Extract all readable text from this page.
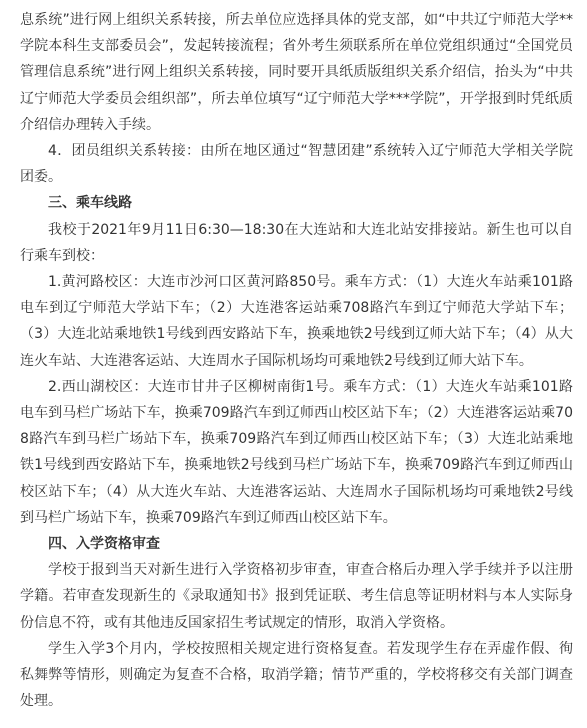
息系统”进行网上组织关系转接，所去单位应选择具体的党支部，如“中共辽宁师范大学**学院本科生支部委员会”，发起转接流程；省外考生须联系所在单位党组织通过“全国党员管理信息系统”进行网上组织关系转接，同时要开具纸质版组织关系介绍信，抬头为“中共辽宁师范大学委员会组织部”，所去单位填写“辽宁师范大学***学院”，开学报到时凭纸质介绍信办理转入手续。

4．团员组织关系转接：由所在地区通过“智慧团建”系统转入辽宁师范大学相关学院团委。

三、乘车线路

我校于2021年9月11日6:30—18:30在大连站和大连北站安排接站。新生也可以自行乘车到校：

1.黄河路校区：大连市沙河口区黄河路850号。乘车方式：（1）大连火车站乘101路电车到辽宁师范大学站下车；（2）大连港客运站乘708路汽车到辽宁师范大学站下车；（3）大连北站乘地铁1号线到西安路站下车，换乘地铁2号线到辽师大站下车；（4）从大连火车站、大连港客运站、大连周水子国际机场均可乘地铁2号线到辽师大站下车。

2.西山湖校区：大连市甘井子区柳树南街1号。乘车方式：（1）大连火车站乘101路电车到马栏广场站下车，换乘709路汽车到辽师西山校区站下车；（2）大连港客运站乘708路汽车到马栏广场站下车，换乘709路汽车到辽师西山校区站下车；（3）大连北站乘地铁1号线到西安路站下车，换乘地铁2号线到马栏广场站下车，换乘709路汽车到辽师西山校区站下车；（4）从大连火车站、大连港客运站、大连周水子国际机场均可乘地铁2号线到马栏广场站下车，换乘709路汽车到辽师西山校区站下车。

四、入学资格审查

学校于报到当天对新生进行入学资格初步审查，审查合格后办理入学手续并予以注册学籍。若审查发现新生的《录取通知书》报到凭证联、考生信息等证明材料与本人实际身份信息不符，或有其他违反国家招生考试规定的情形，取消入学资格。

学生入学3个月内，学校按照相关规定进行资格复查。若发现学生存在弄虚作假、徇私舞弊等情形，则确定为复查不合格，取消学籍；情节严重的，学校将移交有关部门调查处理。
